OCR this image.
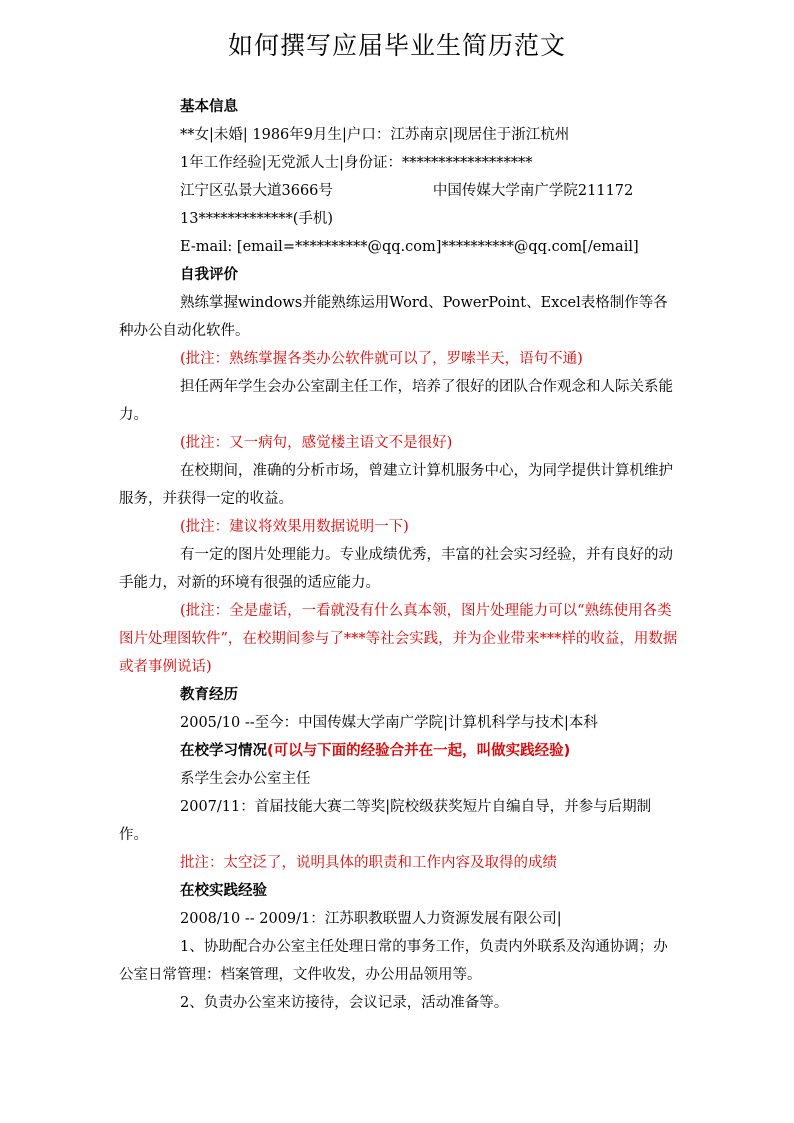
如何撰写应届毕业生简历范文
基本信息
**女|未婚| 1986年9月生|户口：江苏南京|现居住于浙江杭州
1年工作经验|无党派人士|身份证：******************
江宁区弘景大道3666号	中国传媒大学南广学院211172
13*************(手机)
E-mail: [email=**********@qq.com]**********@qq.com[/email]
自我评价
熟练掌握windows并能熟练运用Word、PowerPoint、Excel表格制作等各种办公自动化软件。
(批注：熟练掌握各类办公软件就可以了，罗嗦半天，语句不通)
担任两年学生会办公室副主任工作，培养了很好的团队合作观念和人际关系能力。
(批注：又一病句，感觉楼主语文不是很好)
在校期间，准确的分析市场，曾建立计算机服务中心，为同学提供计算机维护服务，并获得一定的收益。
(批注：建议将效果用数据说明一下)
有一定的图片处理能力。专业成绩优秀，丰富的社会实习经验，并有良好的动手能力，对新的环境有很强的适应能力。
(批注：全是虚话，一看就没有什么真本领，图片处理能力可以“熟练使用各类图片处理图软件”，在校期间参与了***等社会实践，并为企业带来***样的收益，用数据或者事例说话)
教育经历
2005/10 --至今：中国传媒大学南广学院|计算机科学与技术|本科
在校学习情况(可以与下面的经验合并在一起，叫做实践经验)
系学生会办公室主任
2007/11：首届技能大赛二等奖|院校级获奖短片自编自导，并参与后期制作。
批注：太空泛了，说明具体的职责和工作内容及取得的成绩
在校实践经验
2008/10 -- 2009/1：江苏职教联盟人力资源发展有限公司|
1、协助配合办公室主任处理日常的事务工作，负责内外联系及沟通协调；办公室日常管理：档案管理，文件收发，办公用品领用等。
2、负责办公室来访接待，会议记录，活动准备等。
